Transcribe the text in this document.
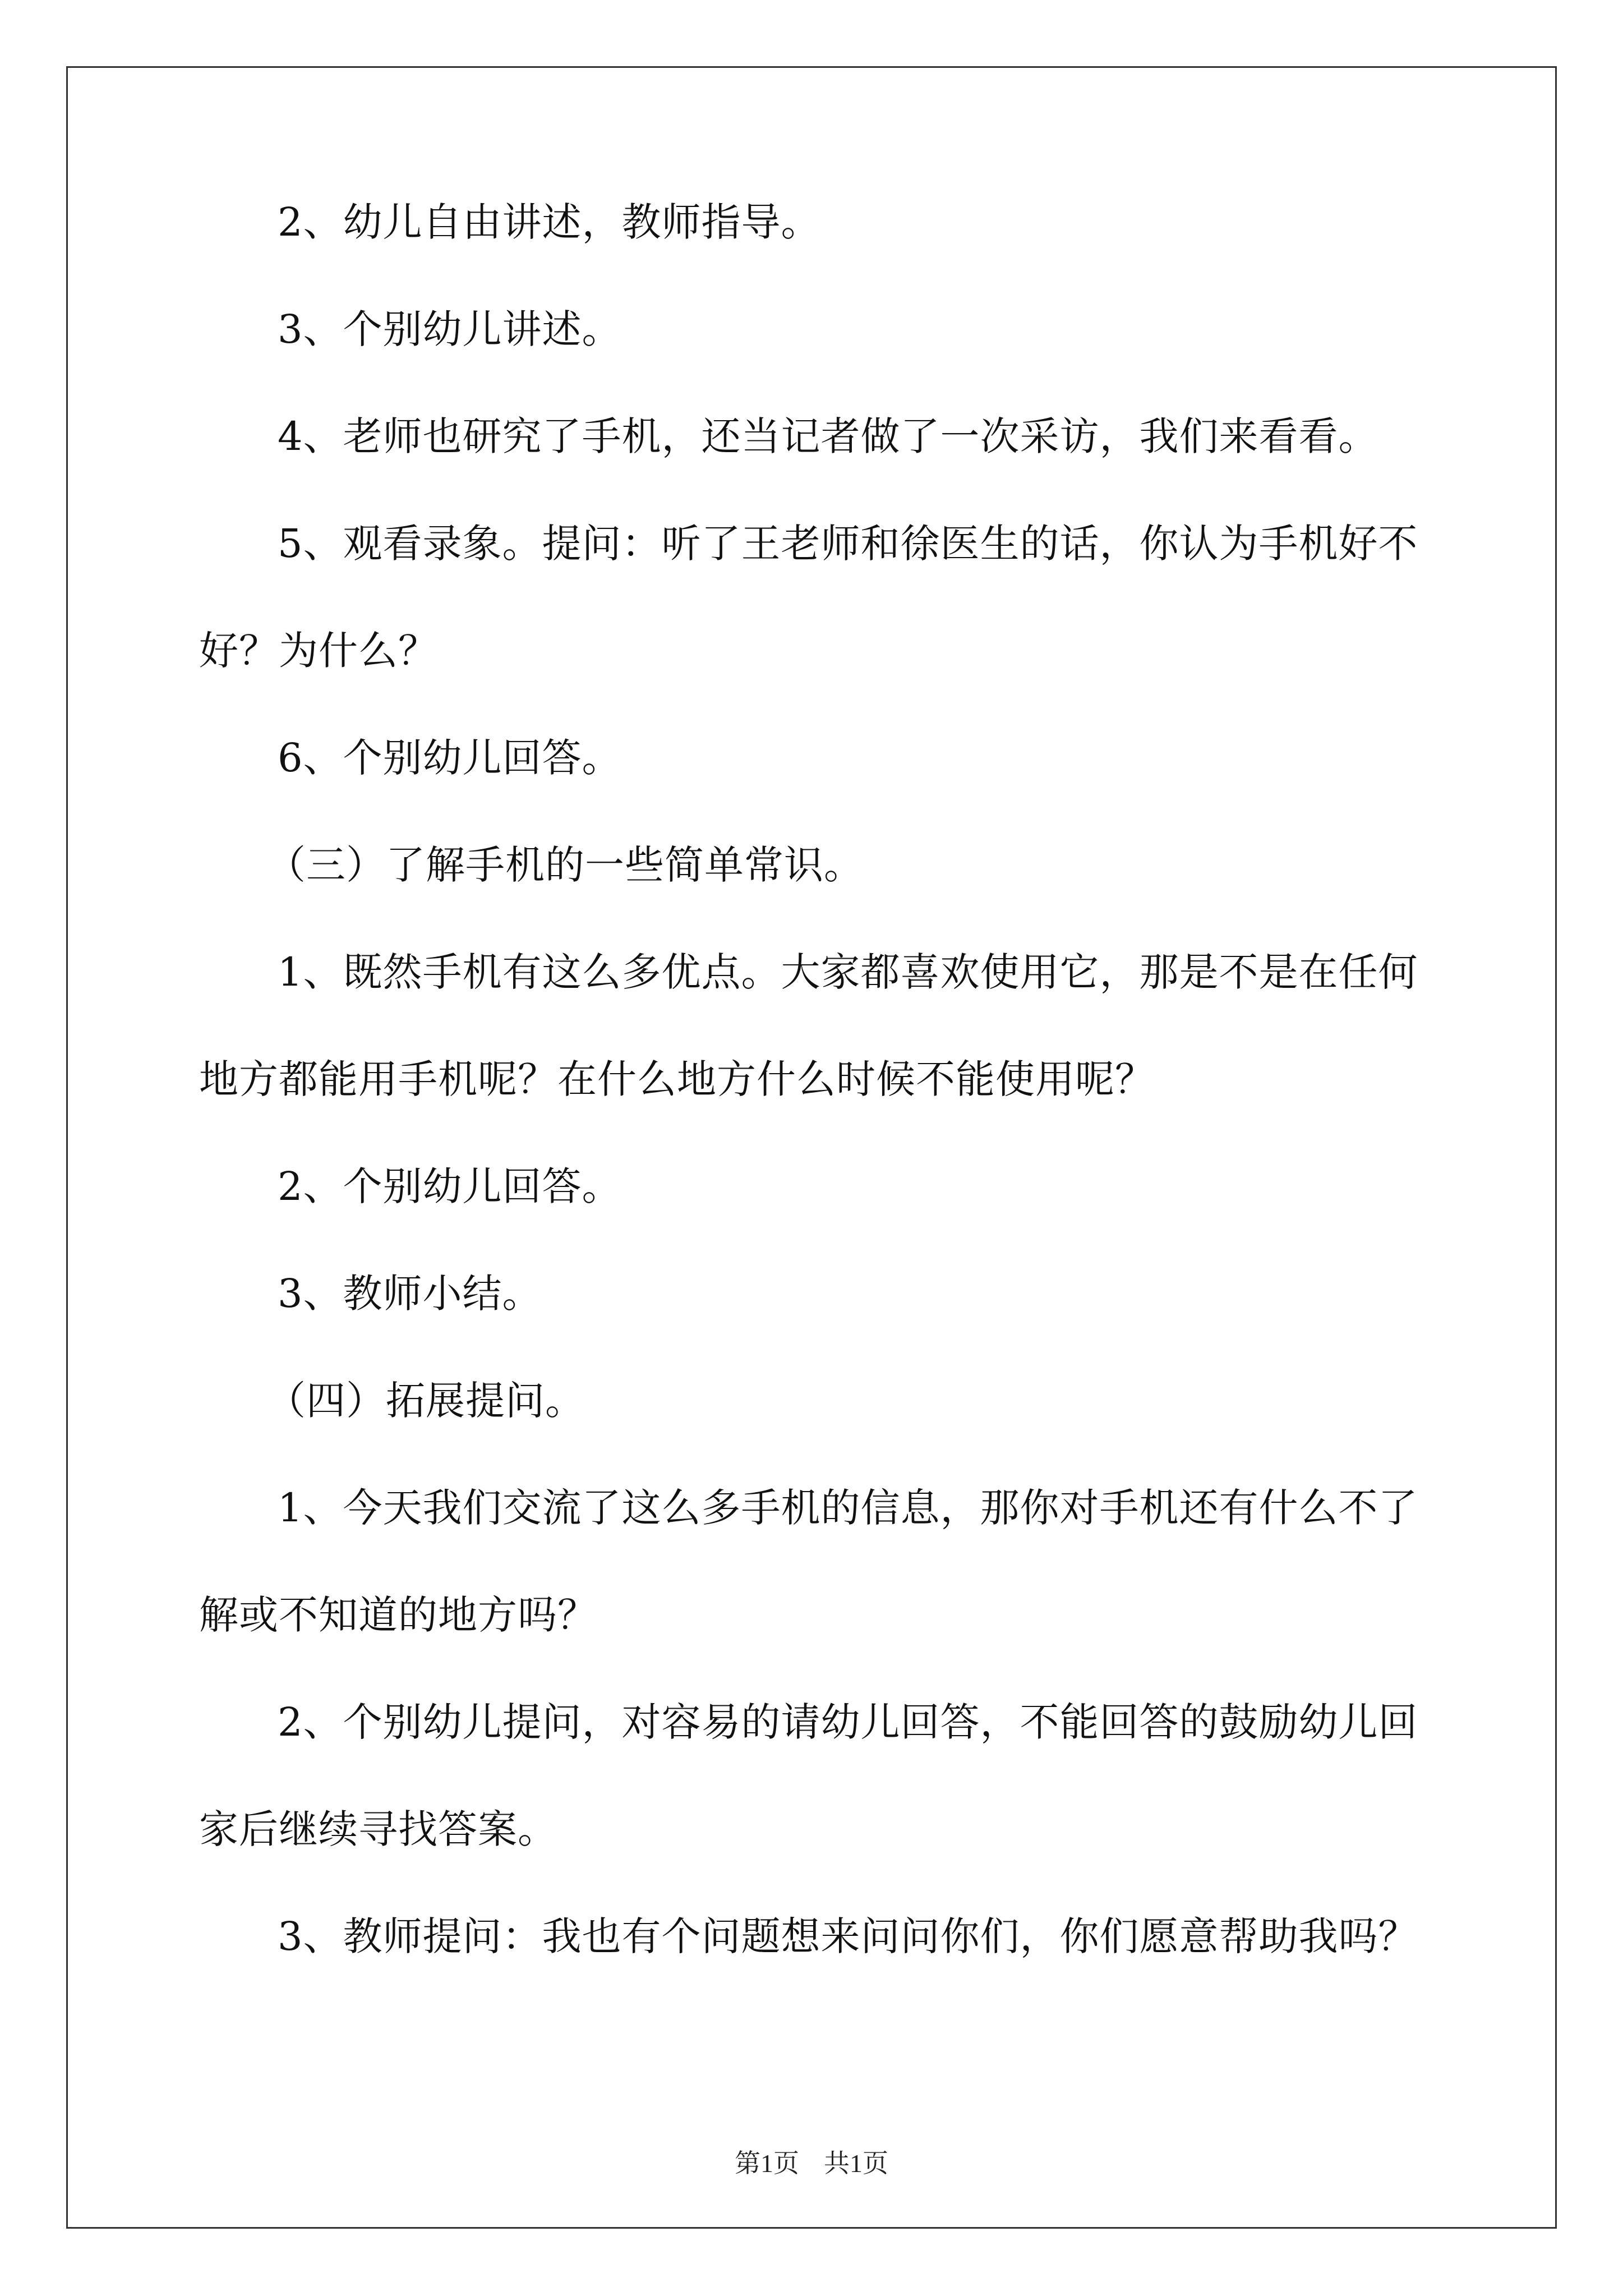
2、幼儿自由讲述，教师指导。

3、个别幼儿讲述。

4、老师也研究了手机，还当记者做了一次采访，我们来看看。

5、观看录象。提问：听了王老师和徐医生的话，你认为手机好不

好？为什么？

6、个别幼儿回答。

（三）了解手机的一些简单常识。

1、既然手机有这么多优点。大家都喜欢使用它，那是不是在任何

地方都能用手机呢？在什么地方什么时候不能使用呢？

2、个别幼儿回答。

3、教师小结。

（四）拓展提问。

1、今天我们交流了这么多手机的信息，那你对手机还有什么不了

解或不知道的地方吗？

2、个别幼儿提问，对容易的请幼儿回答，不能回答的鼓励幼儿回

家后继续寻找答案。

3、教师提问：我也有个问题想来问问你们，你们愿意帮助我吗？

第1页 共1页
